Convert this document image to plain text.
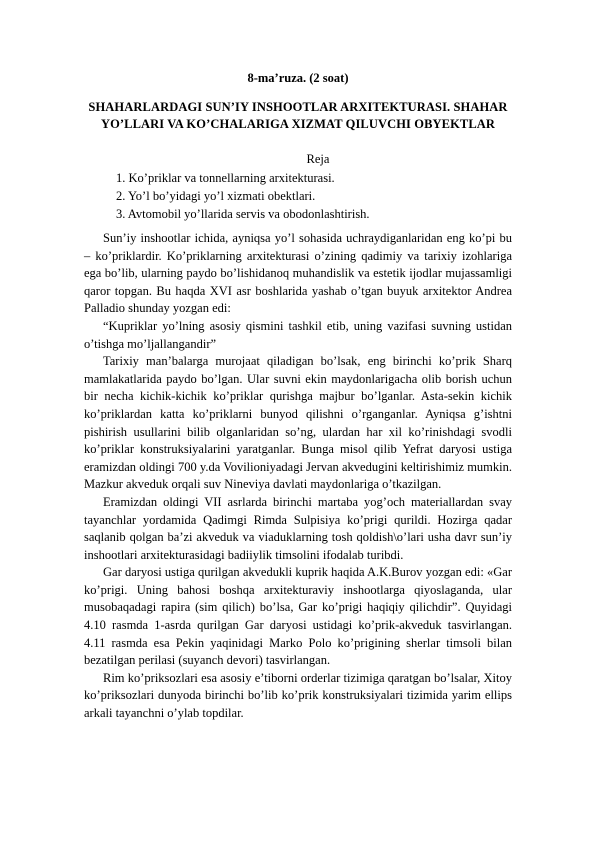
8-ma’ruza. (2 soat)
SHAHARLARDAGI SUN’IY INSHOOTLAR ARXITEKTURASI. SHAHAR YO’LLARI VA KO’CHALARIGA XIZMAT QILUVCHI OBYEKTLAR
Reja
1. Ko’priklar va tonnellarning arxitekturasi.
2. Yo’l bo’yidagi yo’l xizmati obektlari.
3. Avtomobil yo’llarida servis va obodonlashtirish.

Sun’iy inshootlar ichida, ayniqsa yo’l sohasida uchraydiganlaridan eng ko’pi bu – ko’priklardir. Ko’priklarning arxitekturasi o’zining qadimiy va tarixiy izohlariga ega bo’lib, ularning paydo bo’lishidanoq muhandislik va estetik ijodlar mujassamligi qaror topgan. Bu haqda XVI asr boshlarida yashab o’tgan buyuk arxitektor Andrea Palladio shunday yozgan edi:

“Kupriklar yo’lning asosiy qismini tashkil etib, uning vazifasi suvning ustidan o’tishga mo’ljallangandir”

Tarixiy man’balarga murojaat qiladigan bo’lsak, eng birinchi ko’prik Sharq mamlakatlarida paydo bo’lgan. Ular suvni ekin maydonlarigacha olib borish uchun bir necha kichik-kichik ko’priklar qurishga majbur bo’lganlar. Asta-sekin kichik ko’priklardan katta ko’priklarni bunyod qilishni o’rganganlar. Ayniqsa g’ishtni pishirish usullarini bilib olganlaridan so’ng, ulardan har xil ko’rinishdagi svodli ko’priklar konstruksiyalarini yaratganlar. Bunga misol qilib Yefrat daryosi ustiga eramizdan oldingi 700 y.da Vovilioniyadagi Jervan akvedugini keltirishimiz mumkin. Mazkur akveduk orqali suv Nineviya davlati maydonlariga o’tkazilgan.

Eramizdan oldingi VII asrlarda birinchi martaba yog’och materiallardan svay tayanchlar yordamida Qadimgi Rimda Sulpisiya ko’prigi qurildi. Hozirga qadar saqlanib qolgan ba’zi akveduk va viaduklarning tosh qoldish\o’lari usha davr sun’iy inshootlari arxitekturasidagi badiiylik timsolini ifodalab turibdi.

Gar daryosi ustiga qurilgan akvedukli kuprik haqida A.K.Burov yozgan edi: «Gar ko’prigi. Uning bahosi boshqa arxitekturaviy inshootlarga qiyoslaganda, ular musobaqadagi rapira (sim qilich) bo’lsa, Gar ko’prigi haqiqiy qilichdir”. Quyidagi 4.10 rasmda 1-asrda qurilgan Gar daryosi ustidagi ko’prik-akveduk tasvirlangan. 4.11 rasmda esa Pekin yaqinidagi Marko Polo ko’prigining sherlar timsoli bilan bezatilgan perilasi (suyanch devori) tasvirlangan.

Rim ko’priksozlari esa asosiy e’tiborni orderlar tizimiga qaratgan bo’lsalar, Xitoy ko’priksozlari dunyoda birinchi bo’lib ko’prik konstruksiyalari tizimida yarim ellips arkali tayanchni o’ylab topdilar.
